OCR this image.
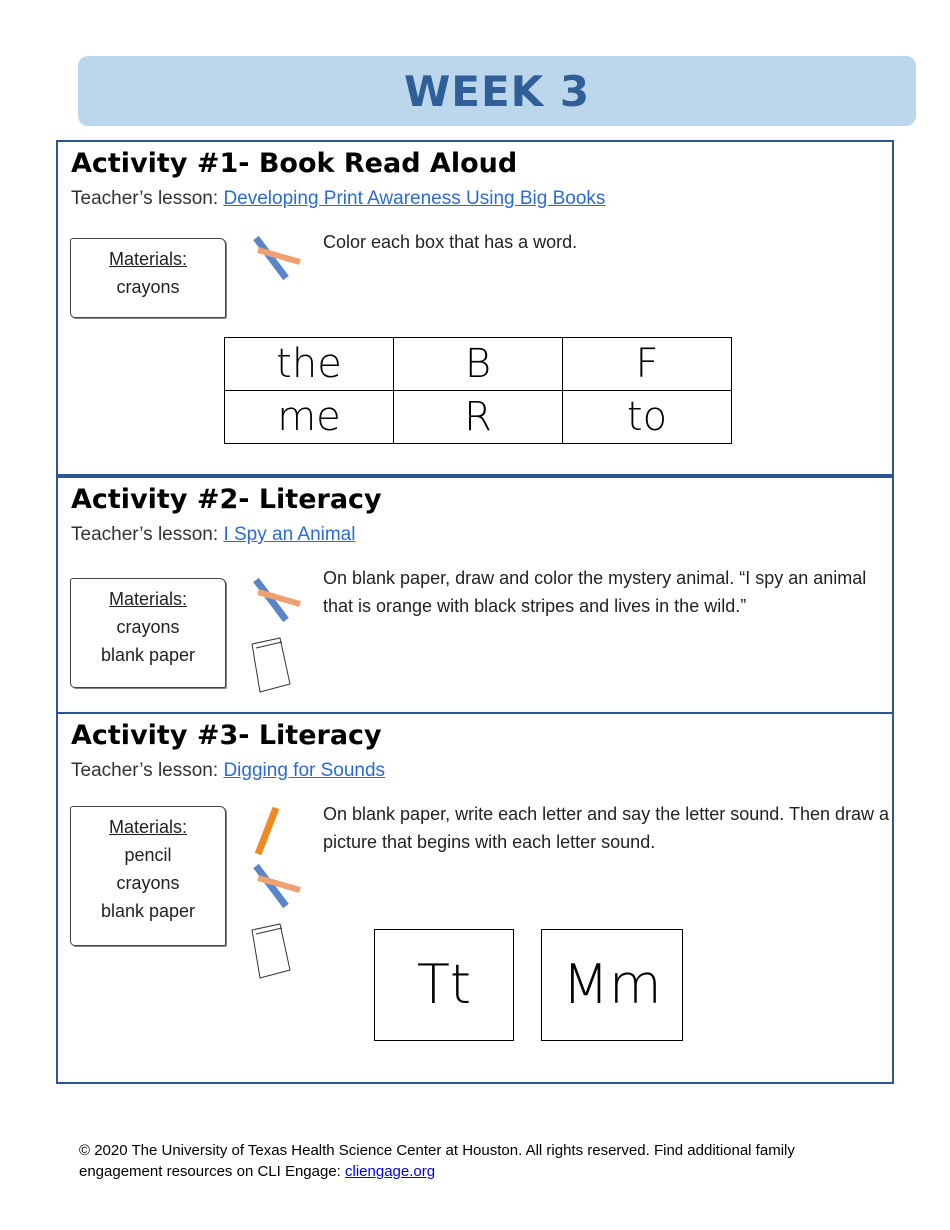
WEEK 3
Activity #1- Book Read Aloud
Teacher’s lesson: Developing Print Awareness Using Big Books
Materials:
crayons
Color each box that has a word.
the	B	F
me	R	to
Activity #2- Literacy
Teacher’s lesson: I Spy an Animal
Materials:
crayons
blank paper
On blank paper, draw and color the mystery animal. “I spy an animal that is orange with black stripes and lives in the wild.”
Activity #3- Literacy
Teacher’s lesson: Digging for Sounds
Materials:
pencil
crayons
blank paper
On blank paper, write each letter and say the letter sound. Then draw a picture that begins with each letter sound.
Tt	Mm
© 2020 The University of Texas Health Science Center at Houston. All rights reserved. Find additional family engagement resources on CLI Engage: cliengage.org
